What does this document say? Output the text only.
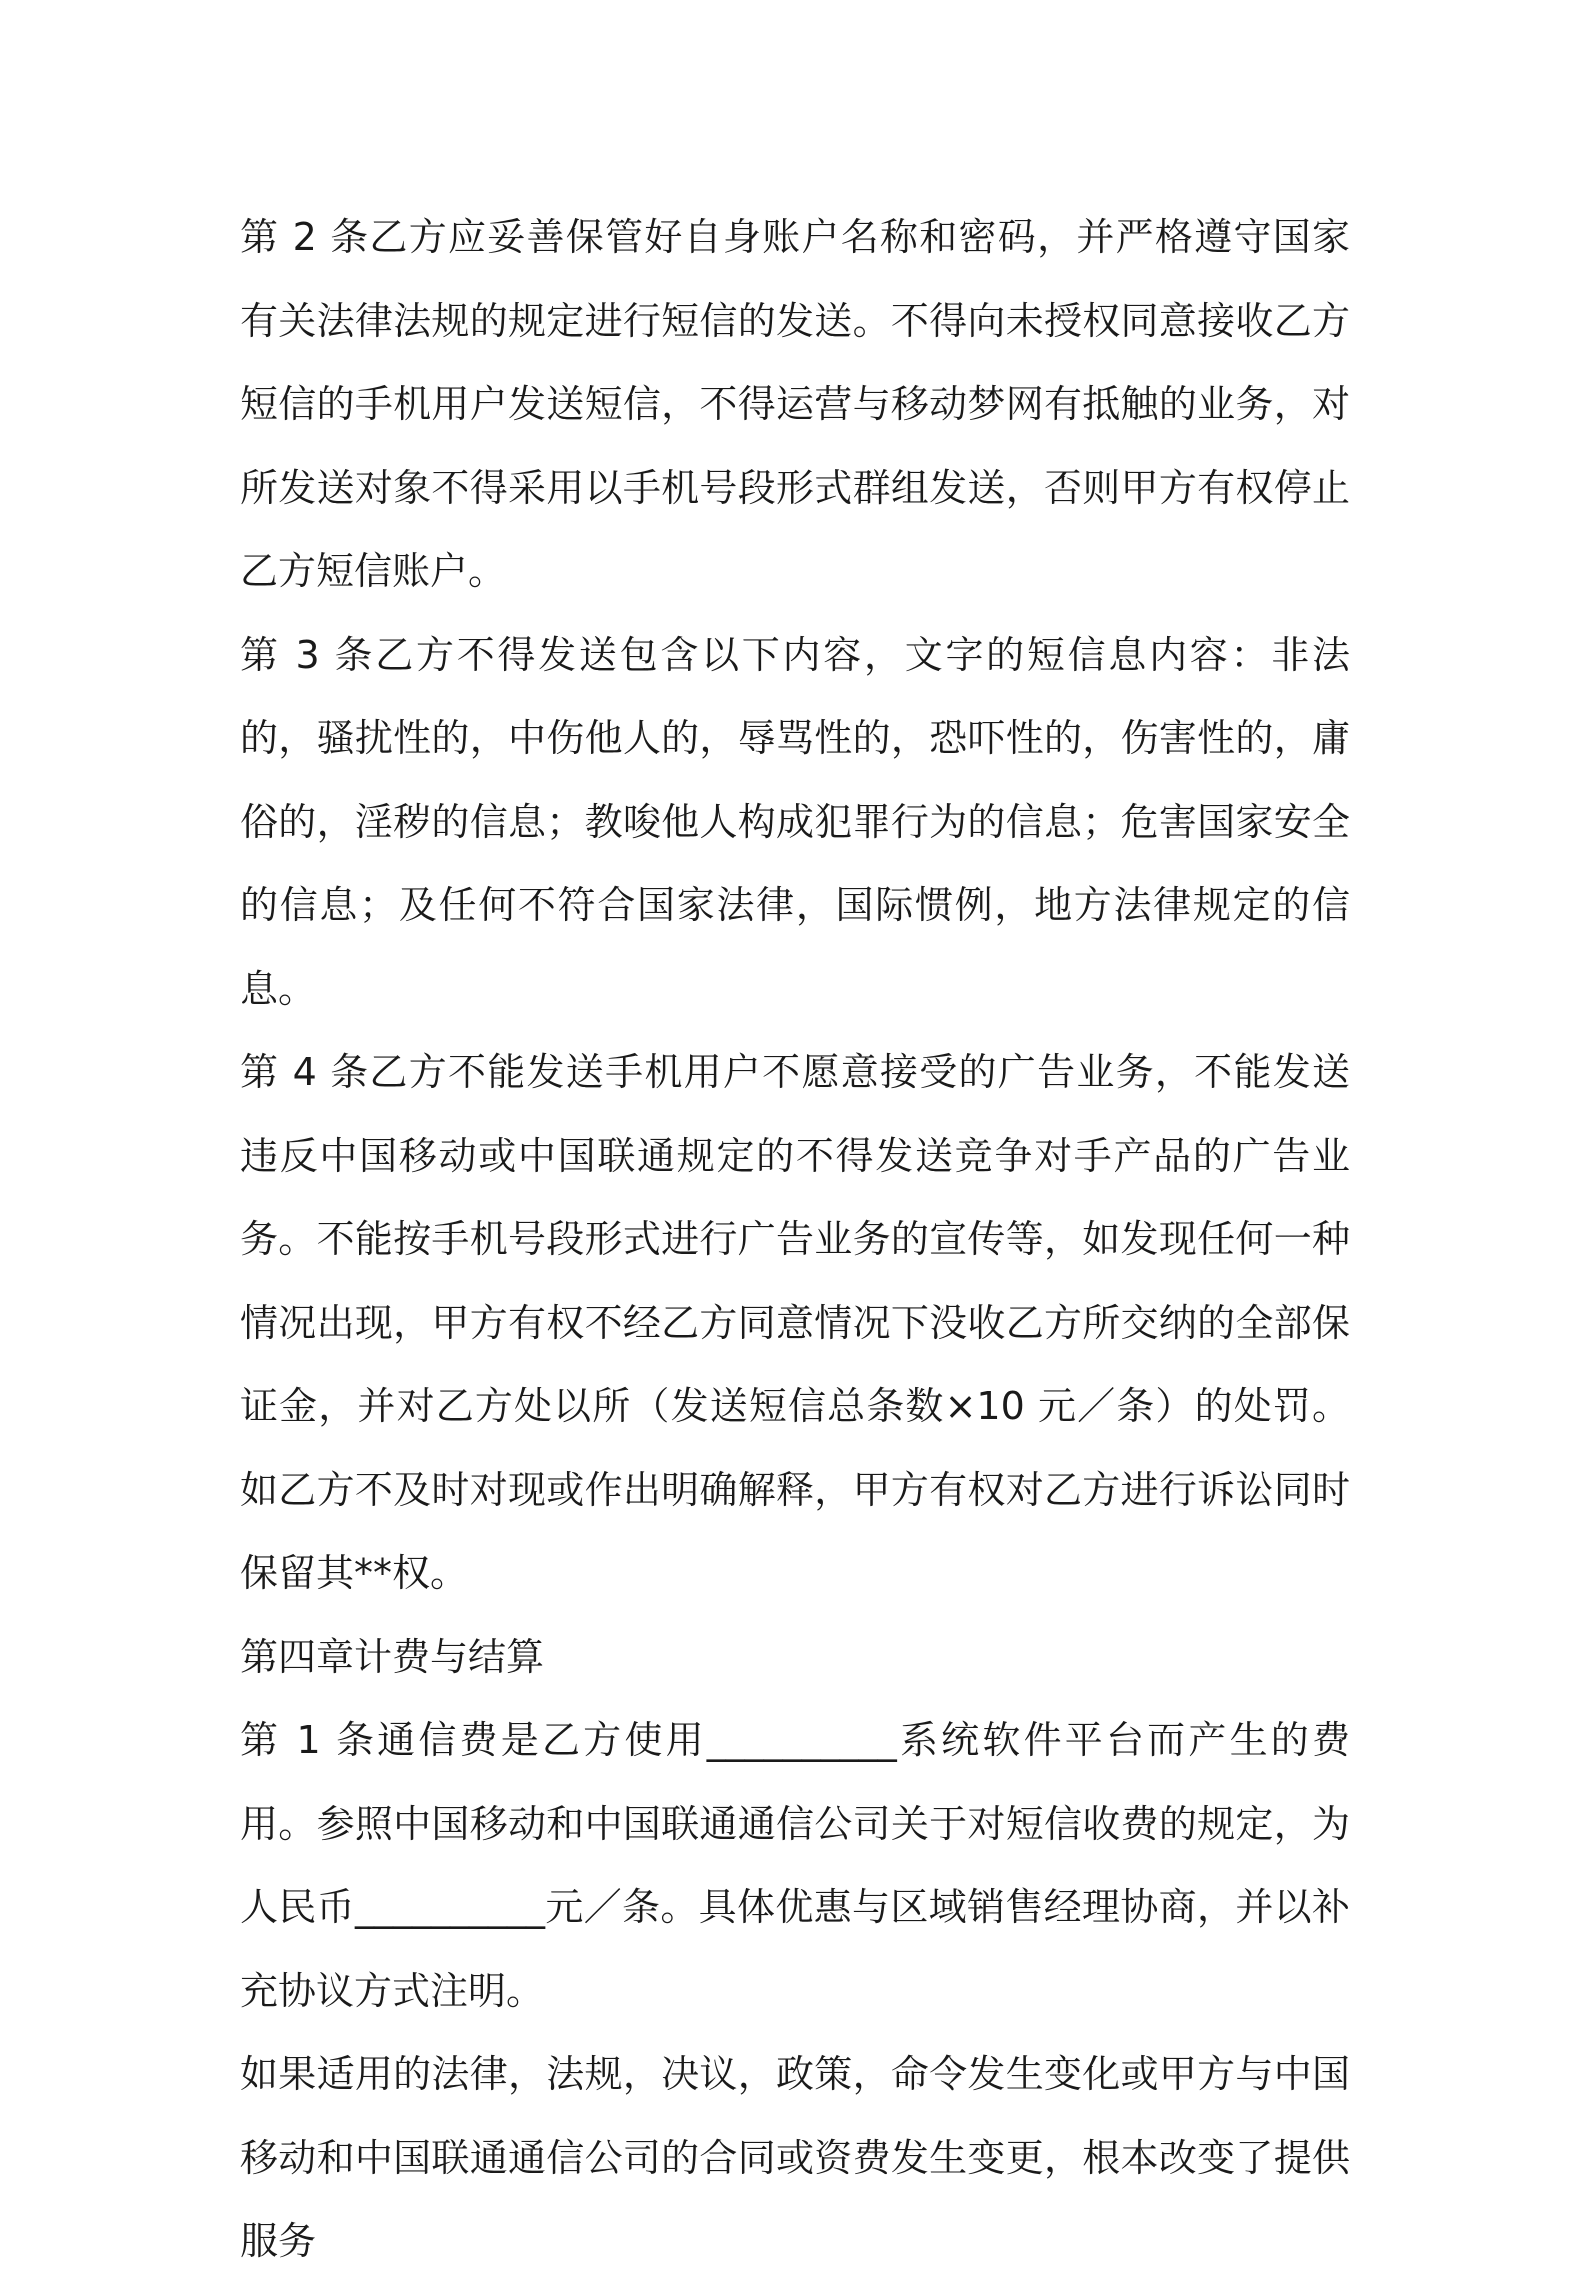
第 2 条乙方应妥善保管好自身账户名称和密码，并严格遵守国家有关法律法规的规定进行短信的发送。不得向未授权同意接收乙方短信的手机用户发送短信，不得运营与移动梦网有抵触的业务，对所发送对象不得采用以手机号段形式群组发送，否则甲方有权停止乙方短信账户。

第 3 条乙方不得发送包含以下内容，文字的短信息内容：非法的，骚扰性的，中伤他人的，辱骂性的，恐吓性的，伤害性的，庸俗的，淫秽的信息；教唆他人构成犯罪行为的信息；危害国家安全的信息；及任何不符合国家法律，国际惯例，地方法律规定的信息。

第 4 条乙方不能发送手机用户不愿意接受的广告业务，不能发送违反中国移动或中国联通规定的不得发送竞争对手产品的广告业务。不能按手机号段形式进行广告业务的宣传等，如发现任何一种情况出现，甲方有权不经乙方同意情况下没收乙方所交纳的全部保证金，并对乙方处以所（发送短信总条数×10 元／条）的处罚。如乙方不及时对现或作出明确解释，甲方有权对乙方进行诉讼同时保留其**权。

第四章计费与结算

第 1 条通信费是乙方使用__________系统软件平台而产生的费用。参照中国移动和中国联通通信公司关于对短信收费的规定，为人民币__________元／条。具体优惠与区域销售经理协商，并以补充协议方式注明。

如果适用的法律，法规，决议，政策，命令发生变化或甲方与中国移动和中国联通通信公司的合同或资费发生变更，根本改变了提供服务
